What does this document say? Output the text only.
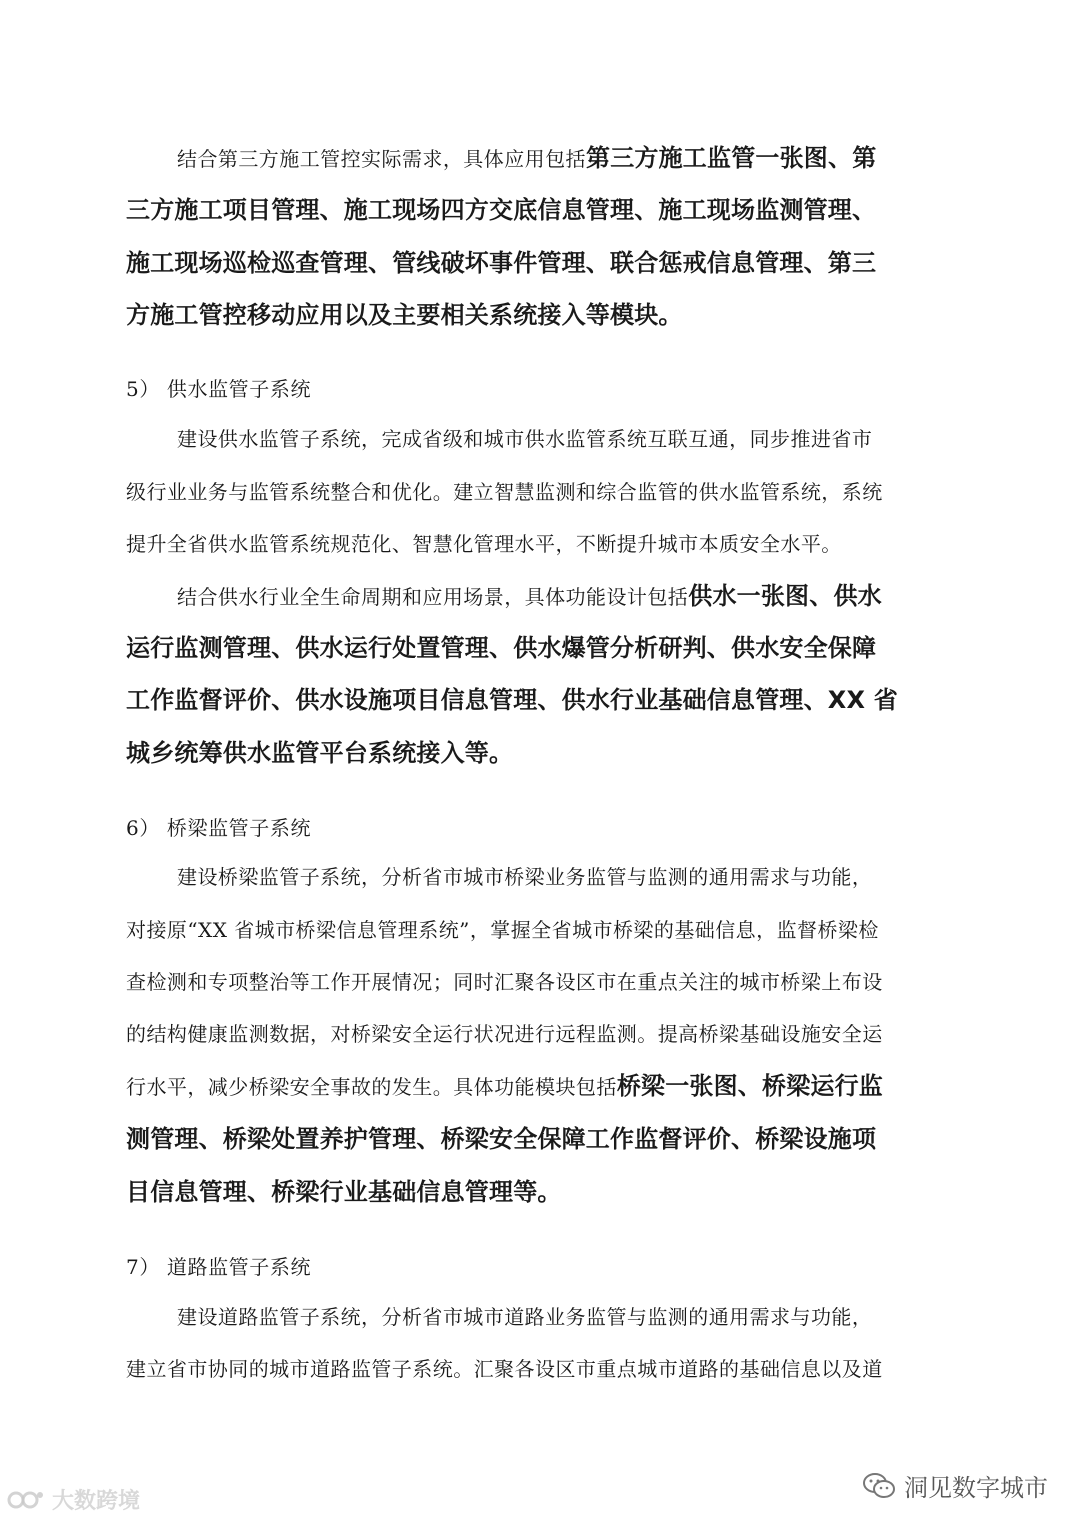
结合第三方施工管控实际需求，具体应用包括第三方施工监管一张图、第
三方施工项目管理、施工现场四方交底信息管理、施工现场监测管理、
施工现场巡检巡查管理、管线破坏事件管理、联合惩戒信息管理、第三
方施工管控移动应用以及主要相关系统接入等模块。
5） 供水监管子系统
建设供水监管子系统，完成省级和城市供水监管系统互联互通，同步推进省市
级行业业务与监管系统整合和优化。建立智慧监测和综合监管的供水监管系统，系统
提升全省供水监管系统规范化、智慧化管理水平，不断提升城市本质安全水平。
结合供水行业全生命周期和应用场景，具体功能设计包括供水一张图、供水
运行监测管理、供水运行处置管理、供水爆管分析研判、供水安全保障
工作监督评价、供水设施项目信息管理、供水行业基础信息管理、XX 省
城乡统筹供水监管平台系统接入等。
6） 桥梁监管子系统
建设桥梁监管子系统，分析省市城市桥梁业务监管与监测的通用需求与功能，
对接原“XX 省城市桥梁信息管理系统”，掌握全省城市桥梁的基础信息，监督桥梁检
查检测和专项整治等工作开展情况；同时汇聚各设区市在重点关注的城市桥梁上布设
的结构健康监测数据，对桥梁安全运行状况进行远程监测。提高桥梁基础设施安全运
行水平，减少桥梁安全事故的发生。具体功能模块包括桥梁一张图、桥梁运行监
测管理、桥梁处置养护管理、桥梁安全保障工作监督评价、桥梁设施项
目信息管理、桥梁行业基础信息管理等。
7） 道路监管子系统
建设道路监管子系统，分析省市城市道路业务监管与监测的通用需求与功能，
建立省市协同的城市道路监管子系统。汇聚各设区市重点城市道路的基础信息以及道
大数跨境	洞见数字城市
